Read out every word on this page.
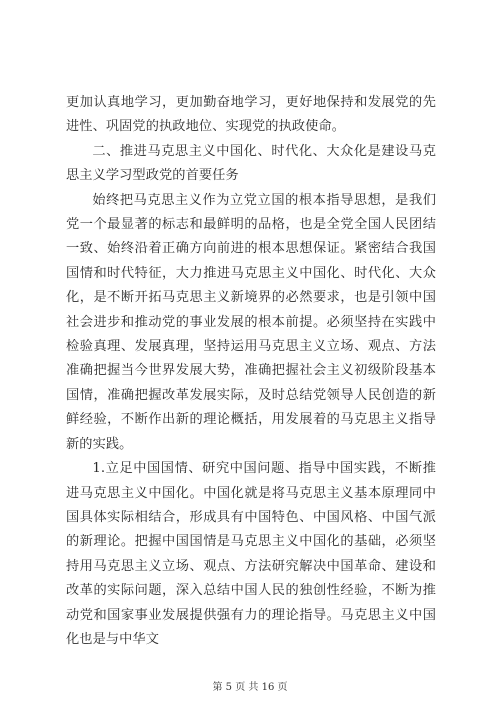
更加认真地学习，更加勤奋地学习，更好地保持和发展党的先进性、巩固党的执政地位、实现党的执政使命。

二、推进马克思主义中国化、时代化、大众化是建设马克思主义学习型政党的首要任务

始终把马克思主义作为立党立国的根本指导思想，是我们党一个最显著的标志和最鲜明的品格，也是全党全国人民团结一致、始终沿着正确方向前进的根本思想保证。紧密结合我国国情和时代特征，大力推进马克思主义中国化、时代化、大众化，是不断开拓马克思主义新境界的必然要求，也是引领中国社会进步和推动党的事业发展的根本前提。必须坚持在实践中检验真理、发展真理，坚持运用马克思主义立场、观点、方法准确把握当今世界发展大势，准确把握社会主义初级阶段基本国情，准确把握改革发展实际，及时总结党领导人民创造的新鲜经验，不断作出新的理论概括，用发展着的马克思主义指导新的实践。

1.立足中国国情、研究中国问题、指导中国实践，不断推进马克思主义中国化。中国化就是将马克思主义基本原理同中国具体实际相结合，形成具有中国特色、中国风格、中国气派的新理论。把握中国国情是马克思主义中国化的基础，必须坚持用马克思主义立场、观点、方法研究解决中国革命、建设和改革的实际问题，深入总结中国人民的独创性经验，不断为推动党和国家事业发展提供强有力的理论指导。马克思主义中国化也是与中华文

第 5 页 共 16 页
